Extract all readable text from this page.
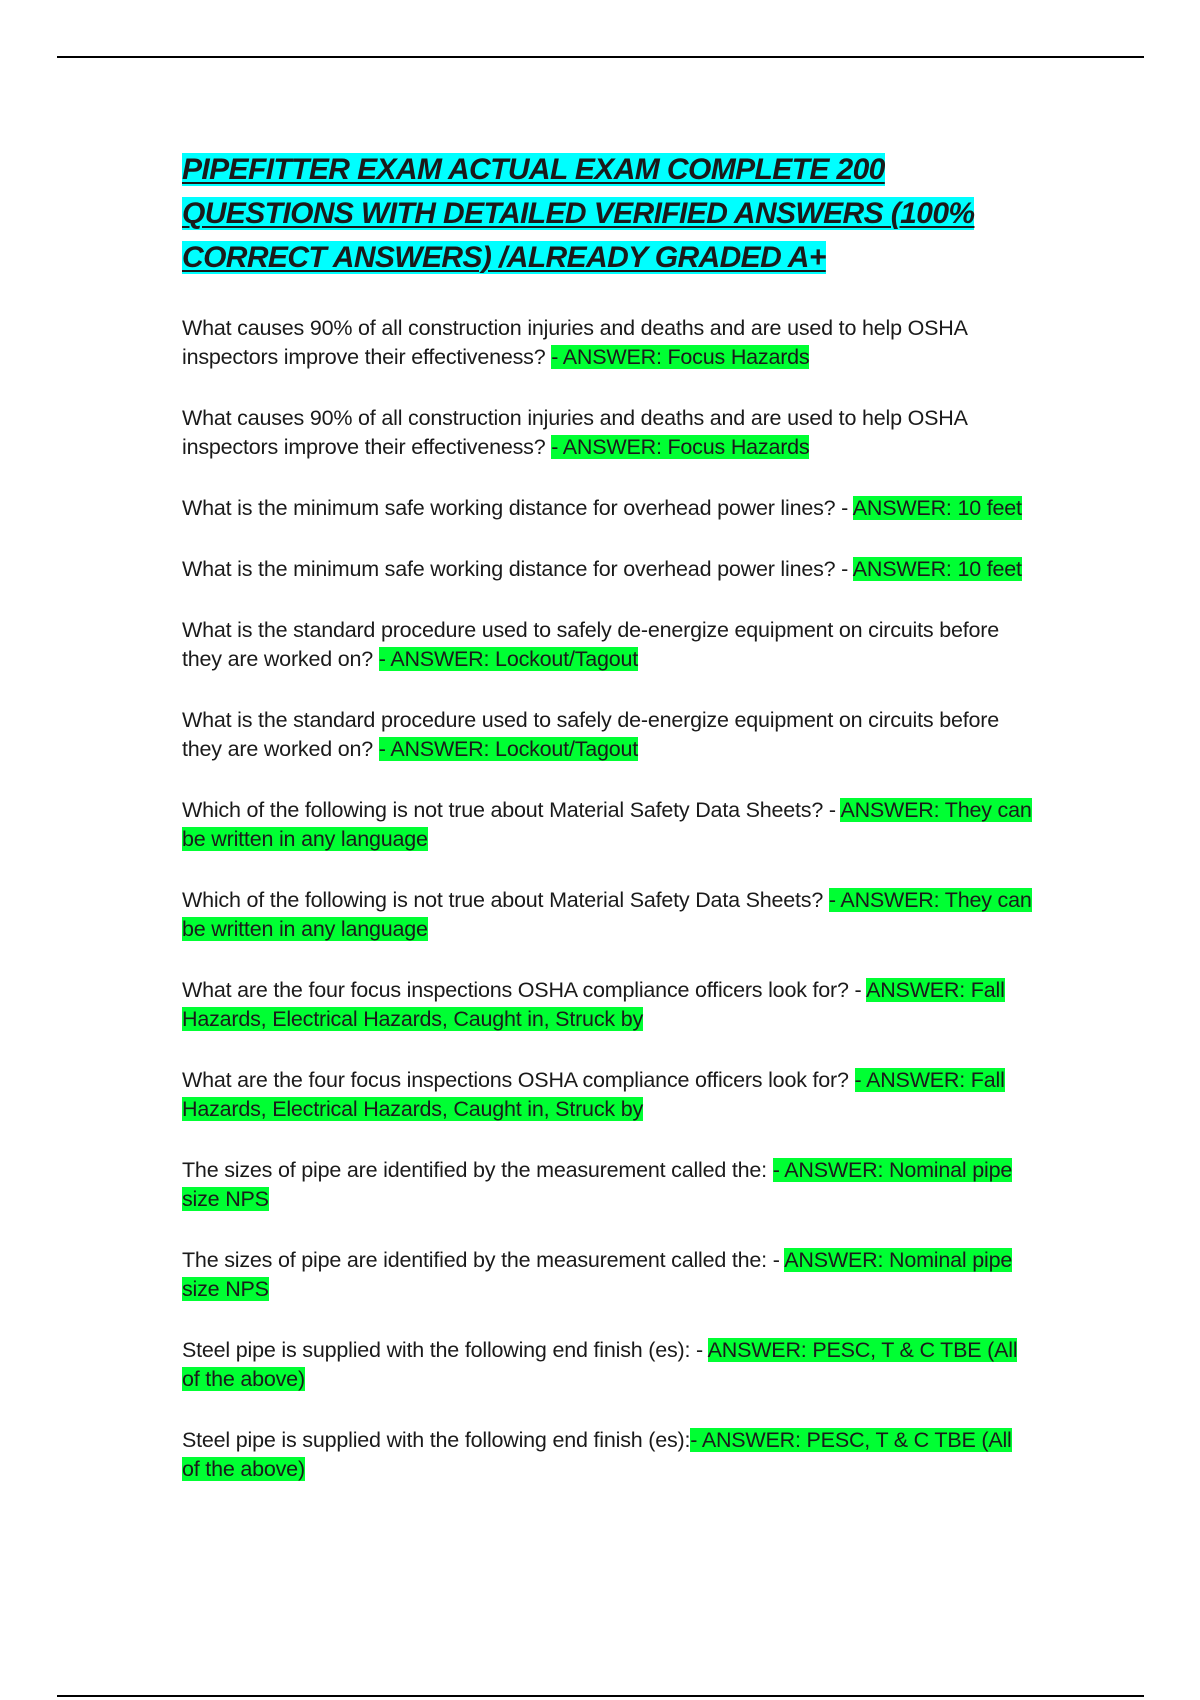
PIPEFITTER EXAM ACTUAL EXAM COMPLETE 200 QUESTIONS WITH DETAILED VERIFIED ANSWERS (100% CORRECT ANSWERS) /ALREADY GRADED A+

What causes 90% of all construction injuries and deaths and are used to help OSHA inspectors improve their effectiveness? - ANSWER: Focus Hazards

What causes 90% of all construction injuries and deaths and are used to help OSHA inspectors improve their effectiveness? - ANSWER: Focus Hazards

What is the minimum safe working distance for overhead power lines? - ANSWER: 10 feet

What is the minimum safe working distance for overhead power lines? - ANSWER: 10 feet

What is the standard procedure used to safely de-energize equipment on circuits before they are worked on? - ANSWER: Lockout/Tagout

What is the standard procedure used to safely de-energize equipment on circuits before they are worked on? - ANSWER: Lockout/Tagout

Which of the following is not true about Material Safety Data Sheets? - ANSWER: They can be written in any language

Which of the following is not true about Material Safety Data Sheets? - ANSWER: They can be written in any language

What are the four focus inspections OSHA compliance officers look for? - ANSWER: Fall Hazards, Electrical Hazards, Caught in, Struck by

What are the four focus inspections OSHA compliance officers look for? - ANSWER: Fall Hazards, Electrical Hazards, Caught in, Struck by

The sizes of pipe are identified by the measurement called the: - ANSWER: Nominal pipe size NPS

The sizes of pipe are identified by the measurement called the: - ANSWER: Nominal pipe size NPS

Steel pipe is supplied with the following end finish (es): - ANSWER: PESC, T & C TBE (All of the above)

Steel pipe is supplied with the following end finish (es):- ANSWER: PESC, T & C TBE (All of the above)
